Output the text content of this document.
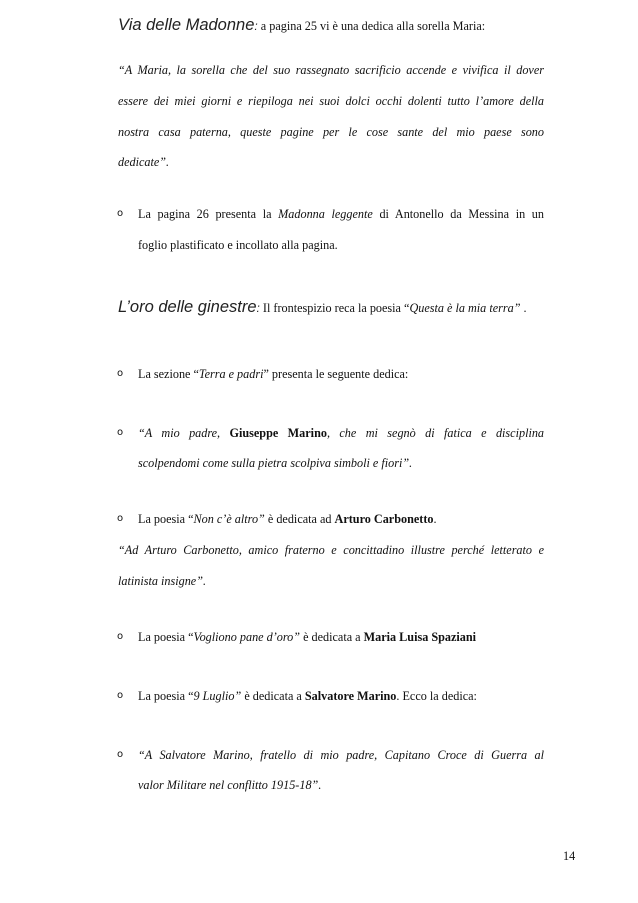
Via delle Madonne: a pagina 25 vi è una dedica alla sorella Maria:
“A Maria, la sorella che del suo rassegnato sacrificio accende e vivifica il dover
essere dei miei giorni e riepiloga nei suoi dolci occhi dolenti tutto l’amore della
nostra casa paterna, queste pagine per le cose sante del mio paese sono
dedicate”.
o La pagina 26 presenta la Madonna leggente di Antonello da Messina in un
foglio plastificato e incollato alla pagina.
L’oro delle ginestre: Il frontespizio reca la poesia “Questa è la mia terra” .
o La sezione “Terra e padri” presenta le seguente dedica:
o “A mio padre, Giuseppe Marino, che mi segnò di fatica e disciplina
scolpendomi come sulla pietra scolpiva simboli e fiori”.
o La poesia “Non c’è altro” è dedicata ad Arturo Carbonetto.
“Ad Arturo Carbonetto, amico fraterno e concittadino illustre perché letterato e
latinista insigne”.
o La poesia “Vogliono pane d’oro” è dedicata a Maria Luisa Spaziani
o La poesia “9 Luglio” è dedicata a Salvatore Marino. Ecco la dedica:
o “A Salvatore Marino, fratello di mio padre, Capitano Croce di Guerra al
valor Militare nel conflitto 1915-18”.
14
